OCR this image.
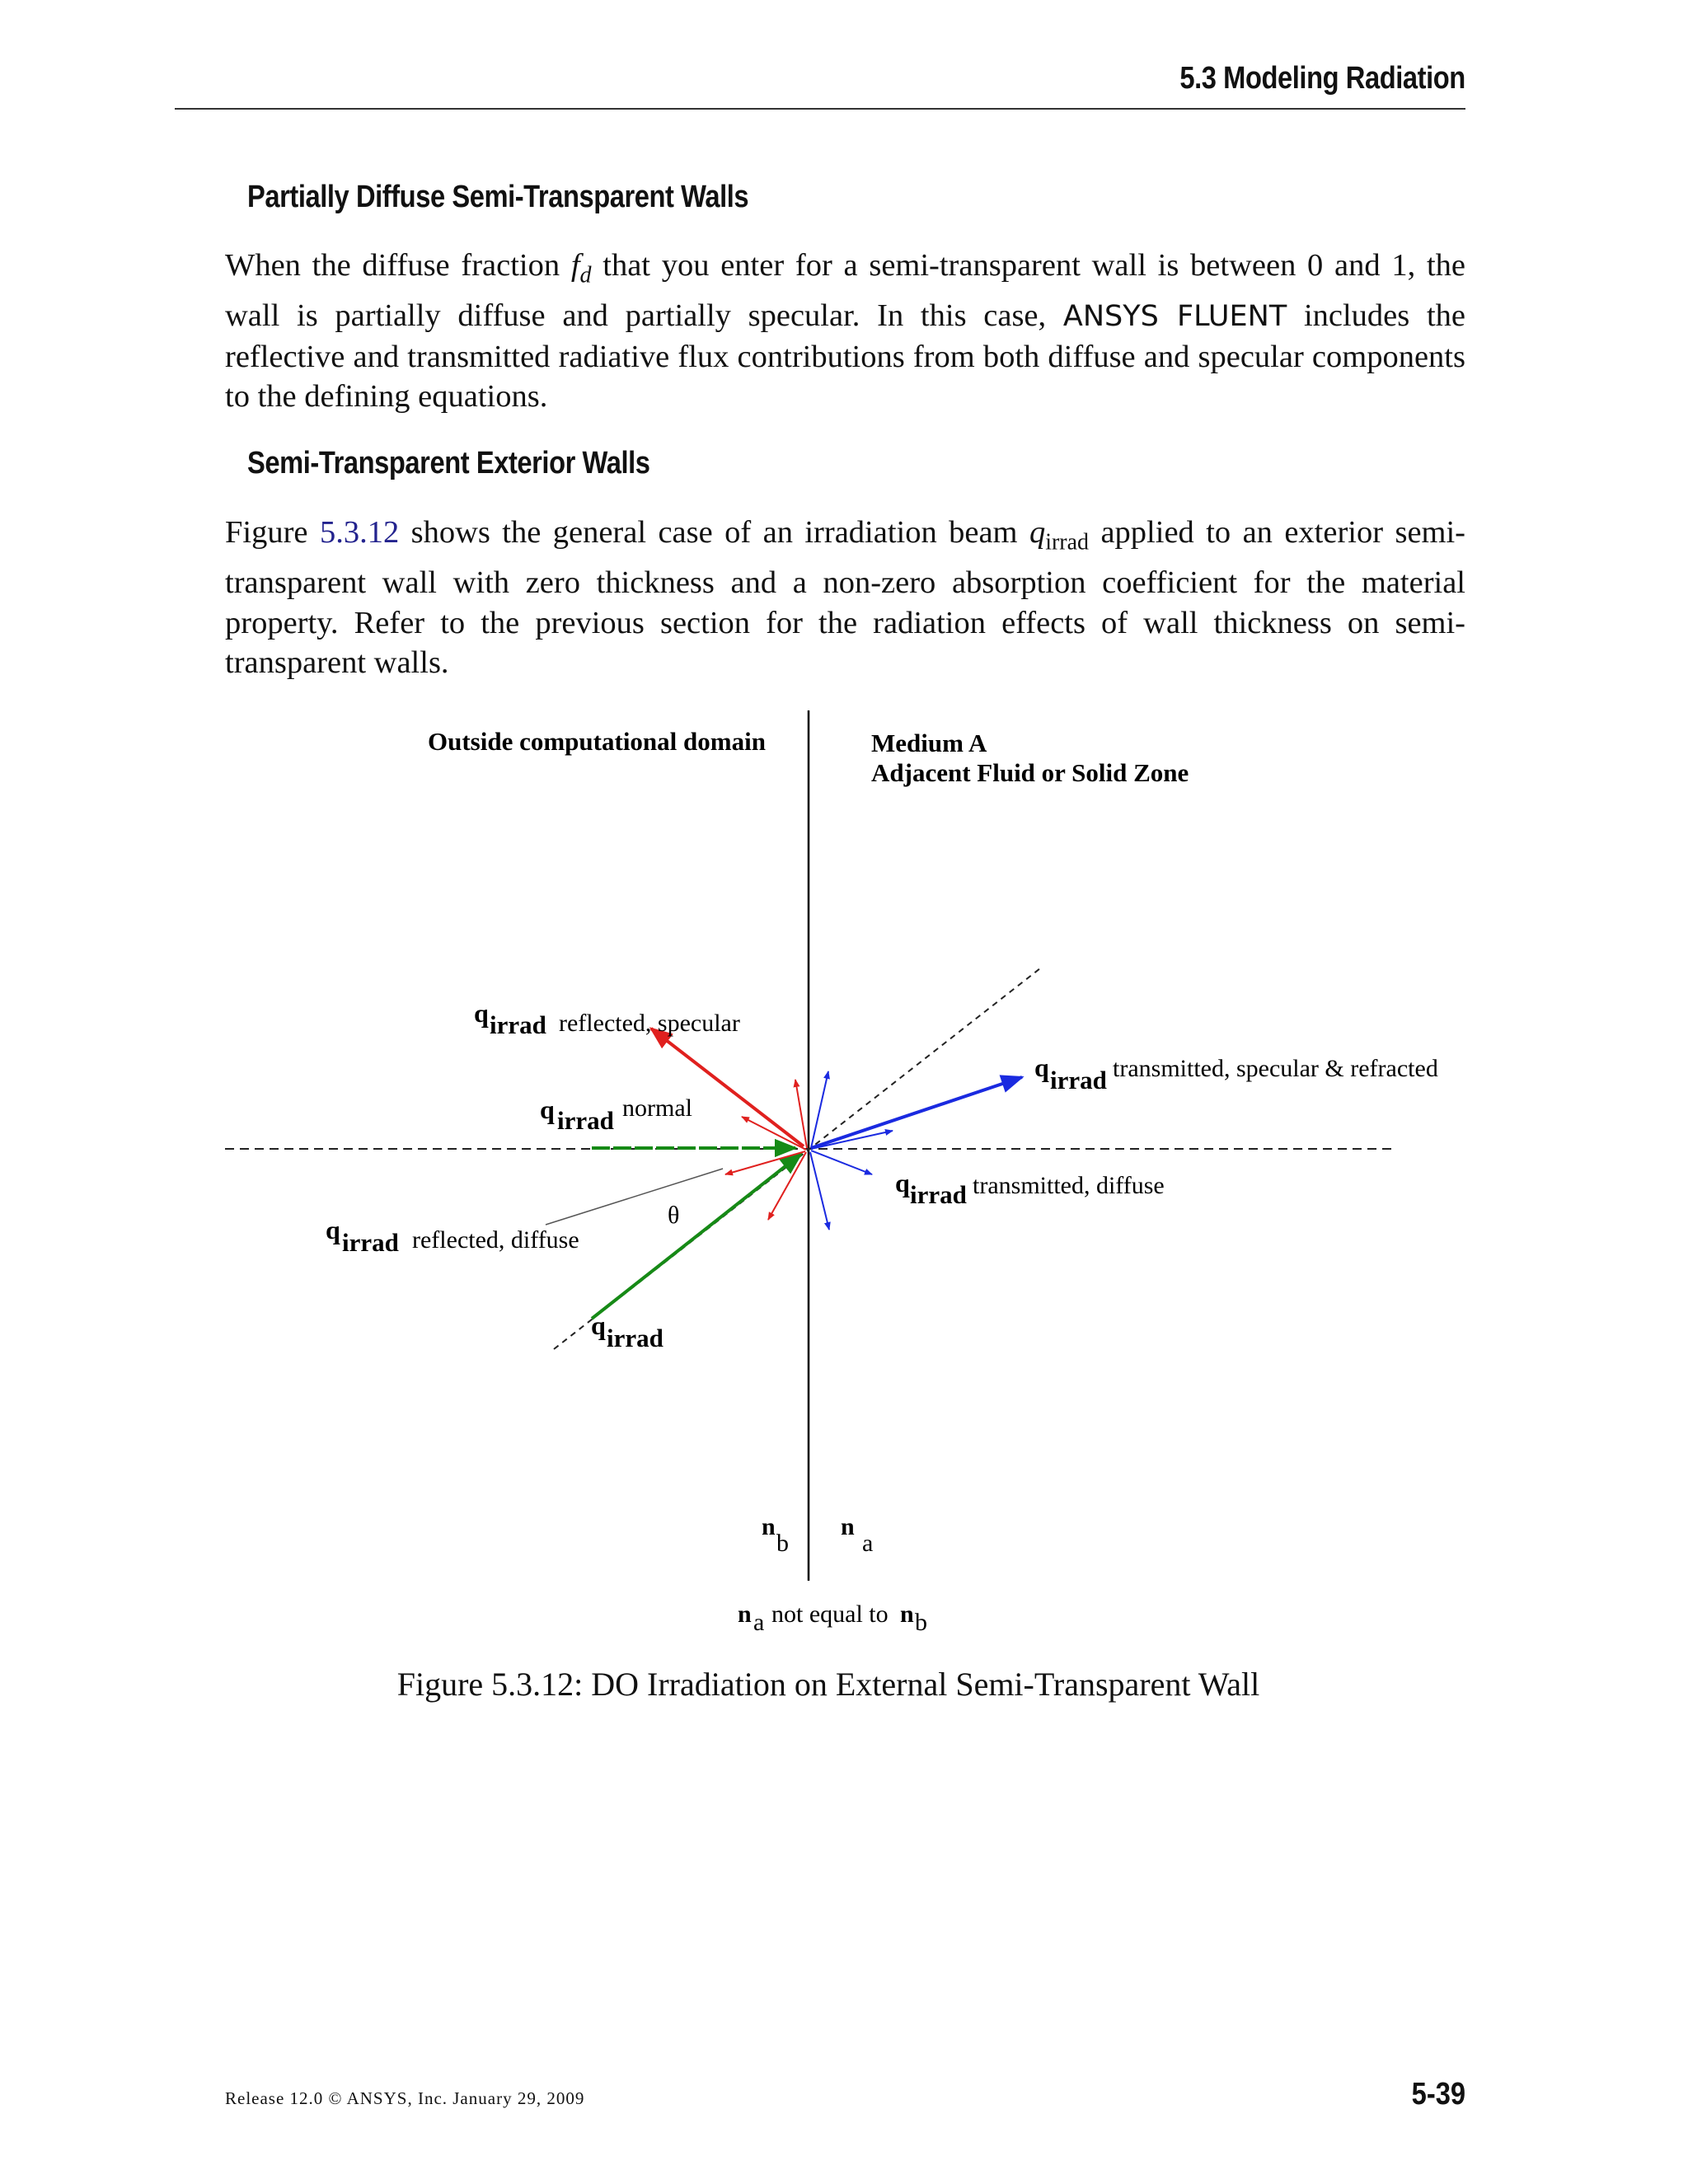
5.3 Modeling Radiation
Partially Diffuse Semi-Transparent Walls
When the diffuse fraction $f_d$ that you enter for a semi-transparent wall is between 0 and 1, the wall is partially diffuse and partially specular. In this case, ANSYS FLUENT includes the reflective and transmitted radiative flux contributions from both diffuse and specular components to the defining equations.
Semi-Transparent Exterior Walls
Figure 5.3.12 shows the general case of an irradiation beam $q_{irrad}$ applied to an exterior semi-transparent wall with zero thickness and a non-zero absorption coefficient for the material property. Refer to the previous section for the radiation effects of wall thickness on semi-transparent walls.
Outside computational domain	Medium A
Adjacent Fluid or Solid Zone
q irrad reflected, specular
q irrad normal
q irrad reflected, diffuse
θ
q irrad
q irrad transmitted, specular & refracted
q irrad transmitted, diffuse
n
b
n
a
n a not equal to n b
Figure 5.3.12: DO Irradiation on External Semi-Transparent Wall
Release 12.0 © ANSYS, Inc. January 29, 2009	5-39
